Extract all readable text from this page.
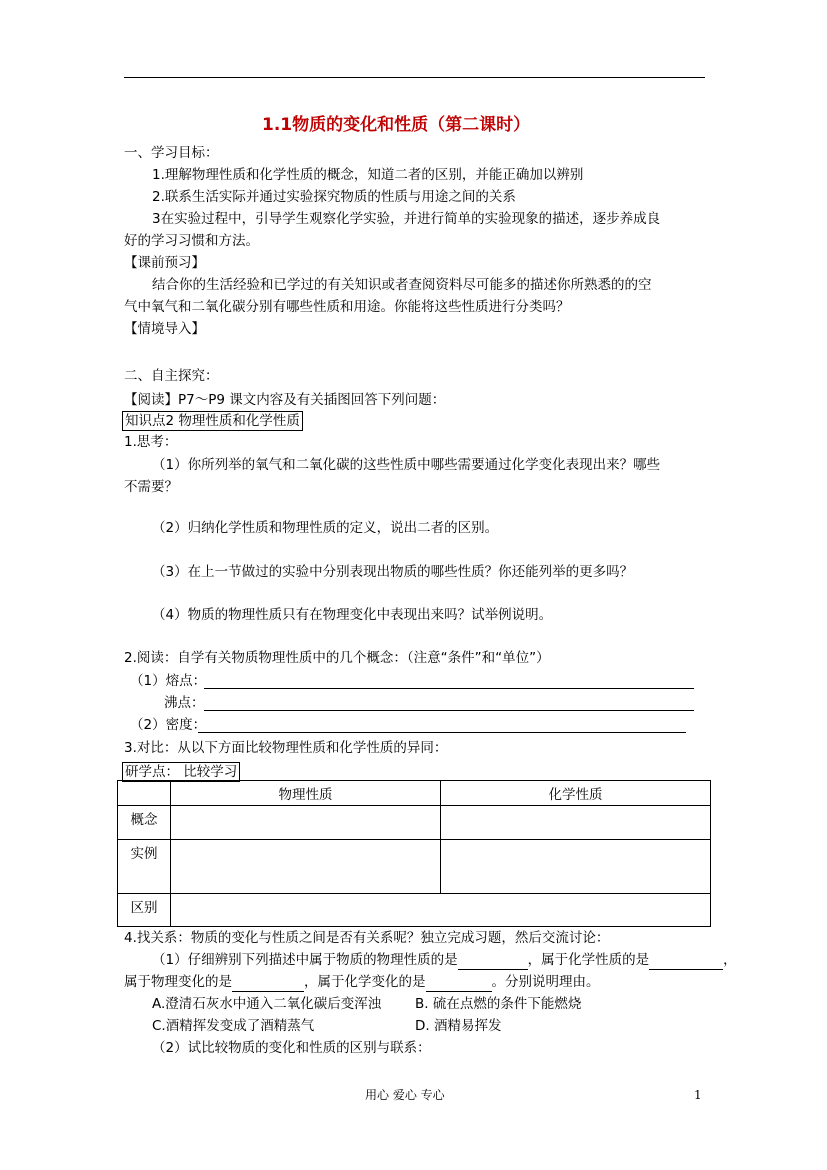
1.1物质的变化和性质（第二课时）
一、学习目标：
1.理解物理性质和化学性质的概念，知道二者的区别，并能正确加以辨别
2.联系生活实际并通过实验探究物质的性质与用途之间的关系
3在实验过程中，引导学生观察化学实验，并进行简单的实验现象的描述，逐步养成良
好的学习习惯和方法。
【课前预习】
结合你的生活经验和已学过的有关知识或者查阅资料尽可能多的描述你所熟悉的的空
气中氧气和二氧化碳分别有哪些性质和用途。你能将这些性质进行分类吗？
【情境导入】
二、自主探究：
【阅读】P7～P9 课文内容及有关插图回答下列问题：
知识点2 物理性质和化学性质
1.思考：
（1）你所列举的氧气和二氧化碳的这些性质中哪些需要通过化学变化表现出来？哪些
不需要？
（2）归纳化学性质和物理性质的定义，说出二者的区别。
（3）在上一节做过的实验中分别表现出物质的哪些性质？你还能列举的更多吗？
（4）物质的物理性质只有在物理变化中表现出来吗？试举例说明。
2.阅读：自学有关物质物理性质中的几个概念：（注意“条件”和“单位”）
（1）熔点：
沸点：
（2）密度：
3.对比：从以下方面比较物理性质和化学性质的异同：
研学点： 比较学习
	物理性质	化学性质
概念		
实例		
区别		
4.找关系：物质的变化与性质之间是否有关系呢？独立完成习题，然后交流讨论：
（1）仔细辨别下列描述中属于物质的物理性质的是	，属于化学性质的是	，
属于物理变化的是	，属于化学变化的是	。分别说明理由。
A.澄清石灰水中通入二氧化碳后变浑浊 B. 硫在点燃的条件下能燃烧
C.酒精挥发变成了酒精蒸气	D. 酒精易挥发
（2）试比较物质的变化和性质的区别与联系：
用心 爱心 专心	1
